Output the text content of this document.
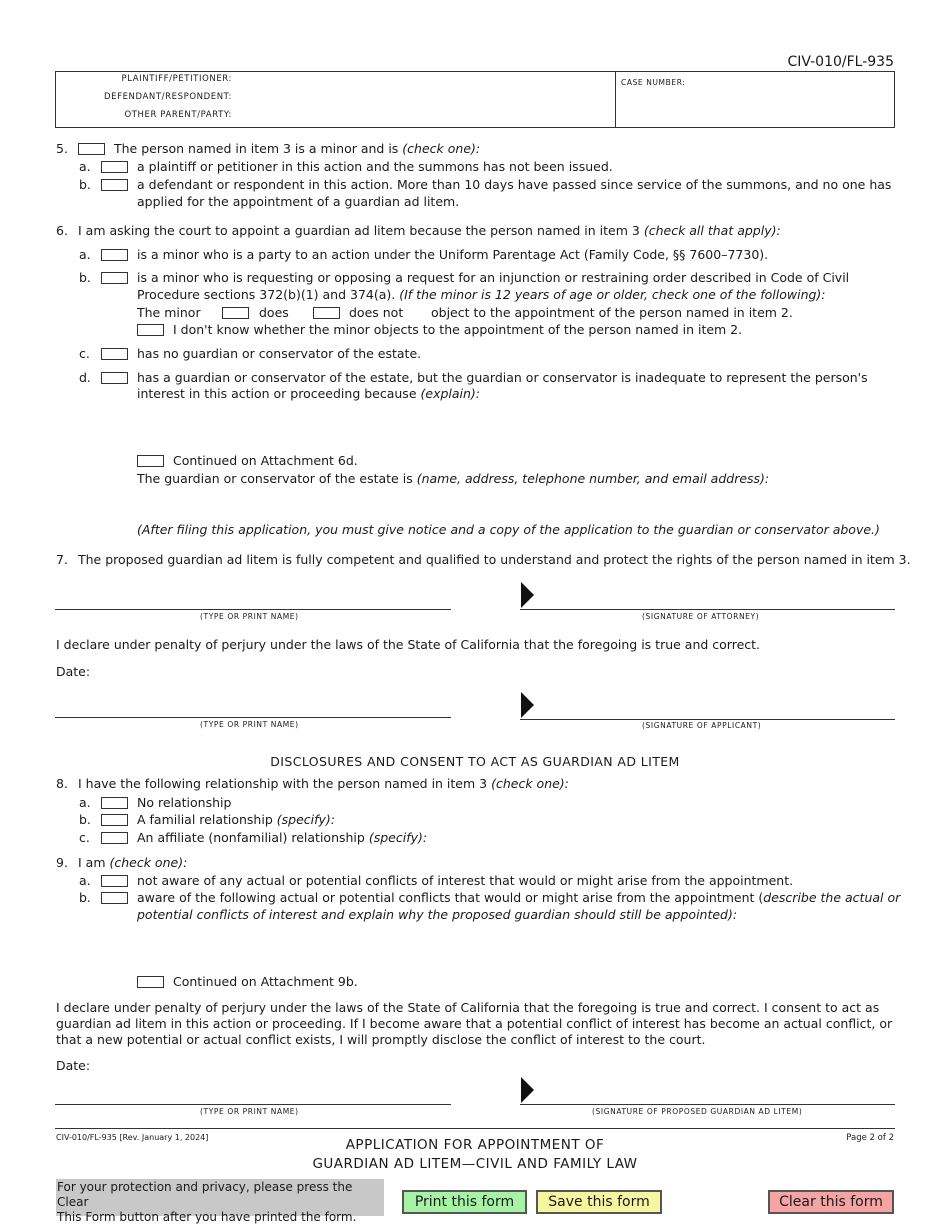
CIV-010/FL-935
PLAINTIFF/PETITIONER:
DEFENDANT/RESPONDENT:
OTHER PARENT/PARTY:
CASE NUMBER:
5.	The person named in item 3 is a minor and is (check one):
a.	a plaintiff or petitioner in this action and the summons has not been issued.
b.	a defendant or respondent in this action. More than 10 days have passed since service of the summons, and no one has
applied for the appointment of a guardian ad litem.
6. I am asking the court to appoint a guardian ad litem because the person named in item 3 (check all that apply):
a.	is a minor who is a party to an action under the Uniform Parentage Act (Family Code, §§ 7600–7730).
b.	is a minor who is requesting or opposing a request for an injunction or restraining order described in Code of Civil
Procedure sections 372(b)(1) and 374(a). (If the minor is 12 years of age or older, check one of the following):
The minor	does	does not object to the appointment of the person named in item 2.
I don't know whether the minor objects to the appointment of the person named in item 2.
c.	has no guardian or conservator of the estate.
d.	has a guardian or conservator of the estate, but the guardian or conservator is inadequate to represent the person's
interest in this action or proceeding because (explain):
Continued on Attachment 6d.
The guardian or conservator of the estate is (name, address, telephone number, and email address):
(After filing this application, you must give notice and a copy of the application to the guardian or conservator above.)
7. The proposed guardian ad litem is fully competent and qualified to understand and protect the rights of the person named in item 3.
(TYPE OR PRINT NAME)	(SIGNATURE OF ATTORNEY)
I declare under penalty of perjury under the laws of the State of California that the foregoing is true and correct.
Date:
(TYPE OR PRINT NAME)	(SIGNATURE OF APPLICANT)
DISCLOSURES AND CONSENT TO ACT AS GUARDIAN AD LITEM
8. I have the following relationship with the person named in item 3 (check one):
a.	No relationship
b.	A familial relationship (specify):
c.	An affiliate (nonfamilial) relationship (specify):
9. I am (check one):
a.	not aware of any actual or potential conflicts of interest that would or might arise from the appointment.
b.	aware of the following actual or potential conflicts that would or might arise from the appointment (describe the actual or
potential conflicts of interest and explain why the proposed guardian should still be appointed):
Continued on Attachment 9b.
I declare under penalty of perjury under the laws of the State of California that the foregoing is true and correct. I consent to act as
guardian ad litem in this action or proceeding. If I become aware that a potential conflict of interest has become an actual conflict, or
that a new potential or actual conflict exists, I will promptly disclose the conflict of interest to the court.
Date:
(TYPE OR PRINT NAME)	(SIGNATURE OF PROPOSED GUARDIAN AD LITEM)
CIV-010/FL-935 [Rev. January 1, 2024]	Page 2 of 2
APPLICATION FOR APPOINTMENT OF
GUARDIAN AD LITEM—CIVIL AND FAMILY LAW
For your protection and privacy, please press the Clear
This Form button after you have printed the form.
Print this form	Save this form	Clear this form
